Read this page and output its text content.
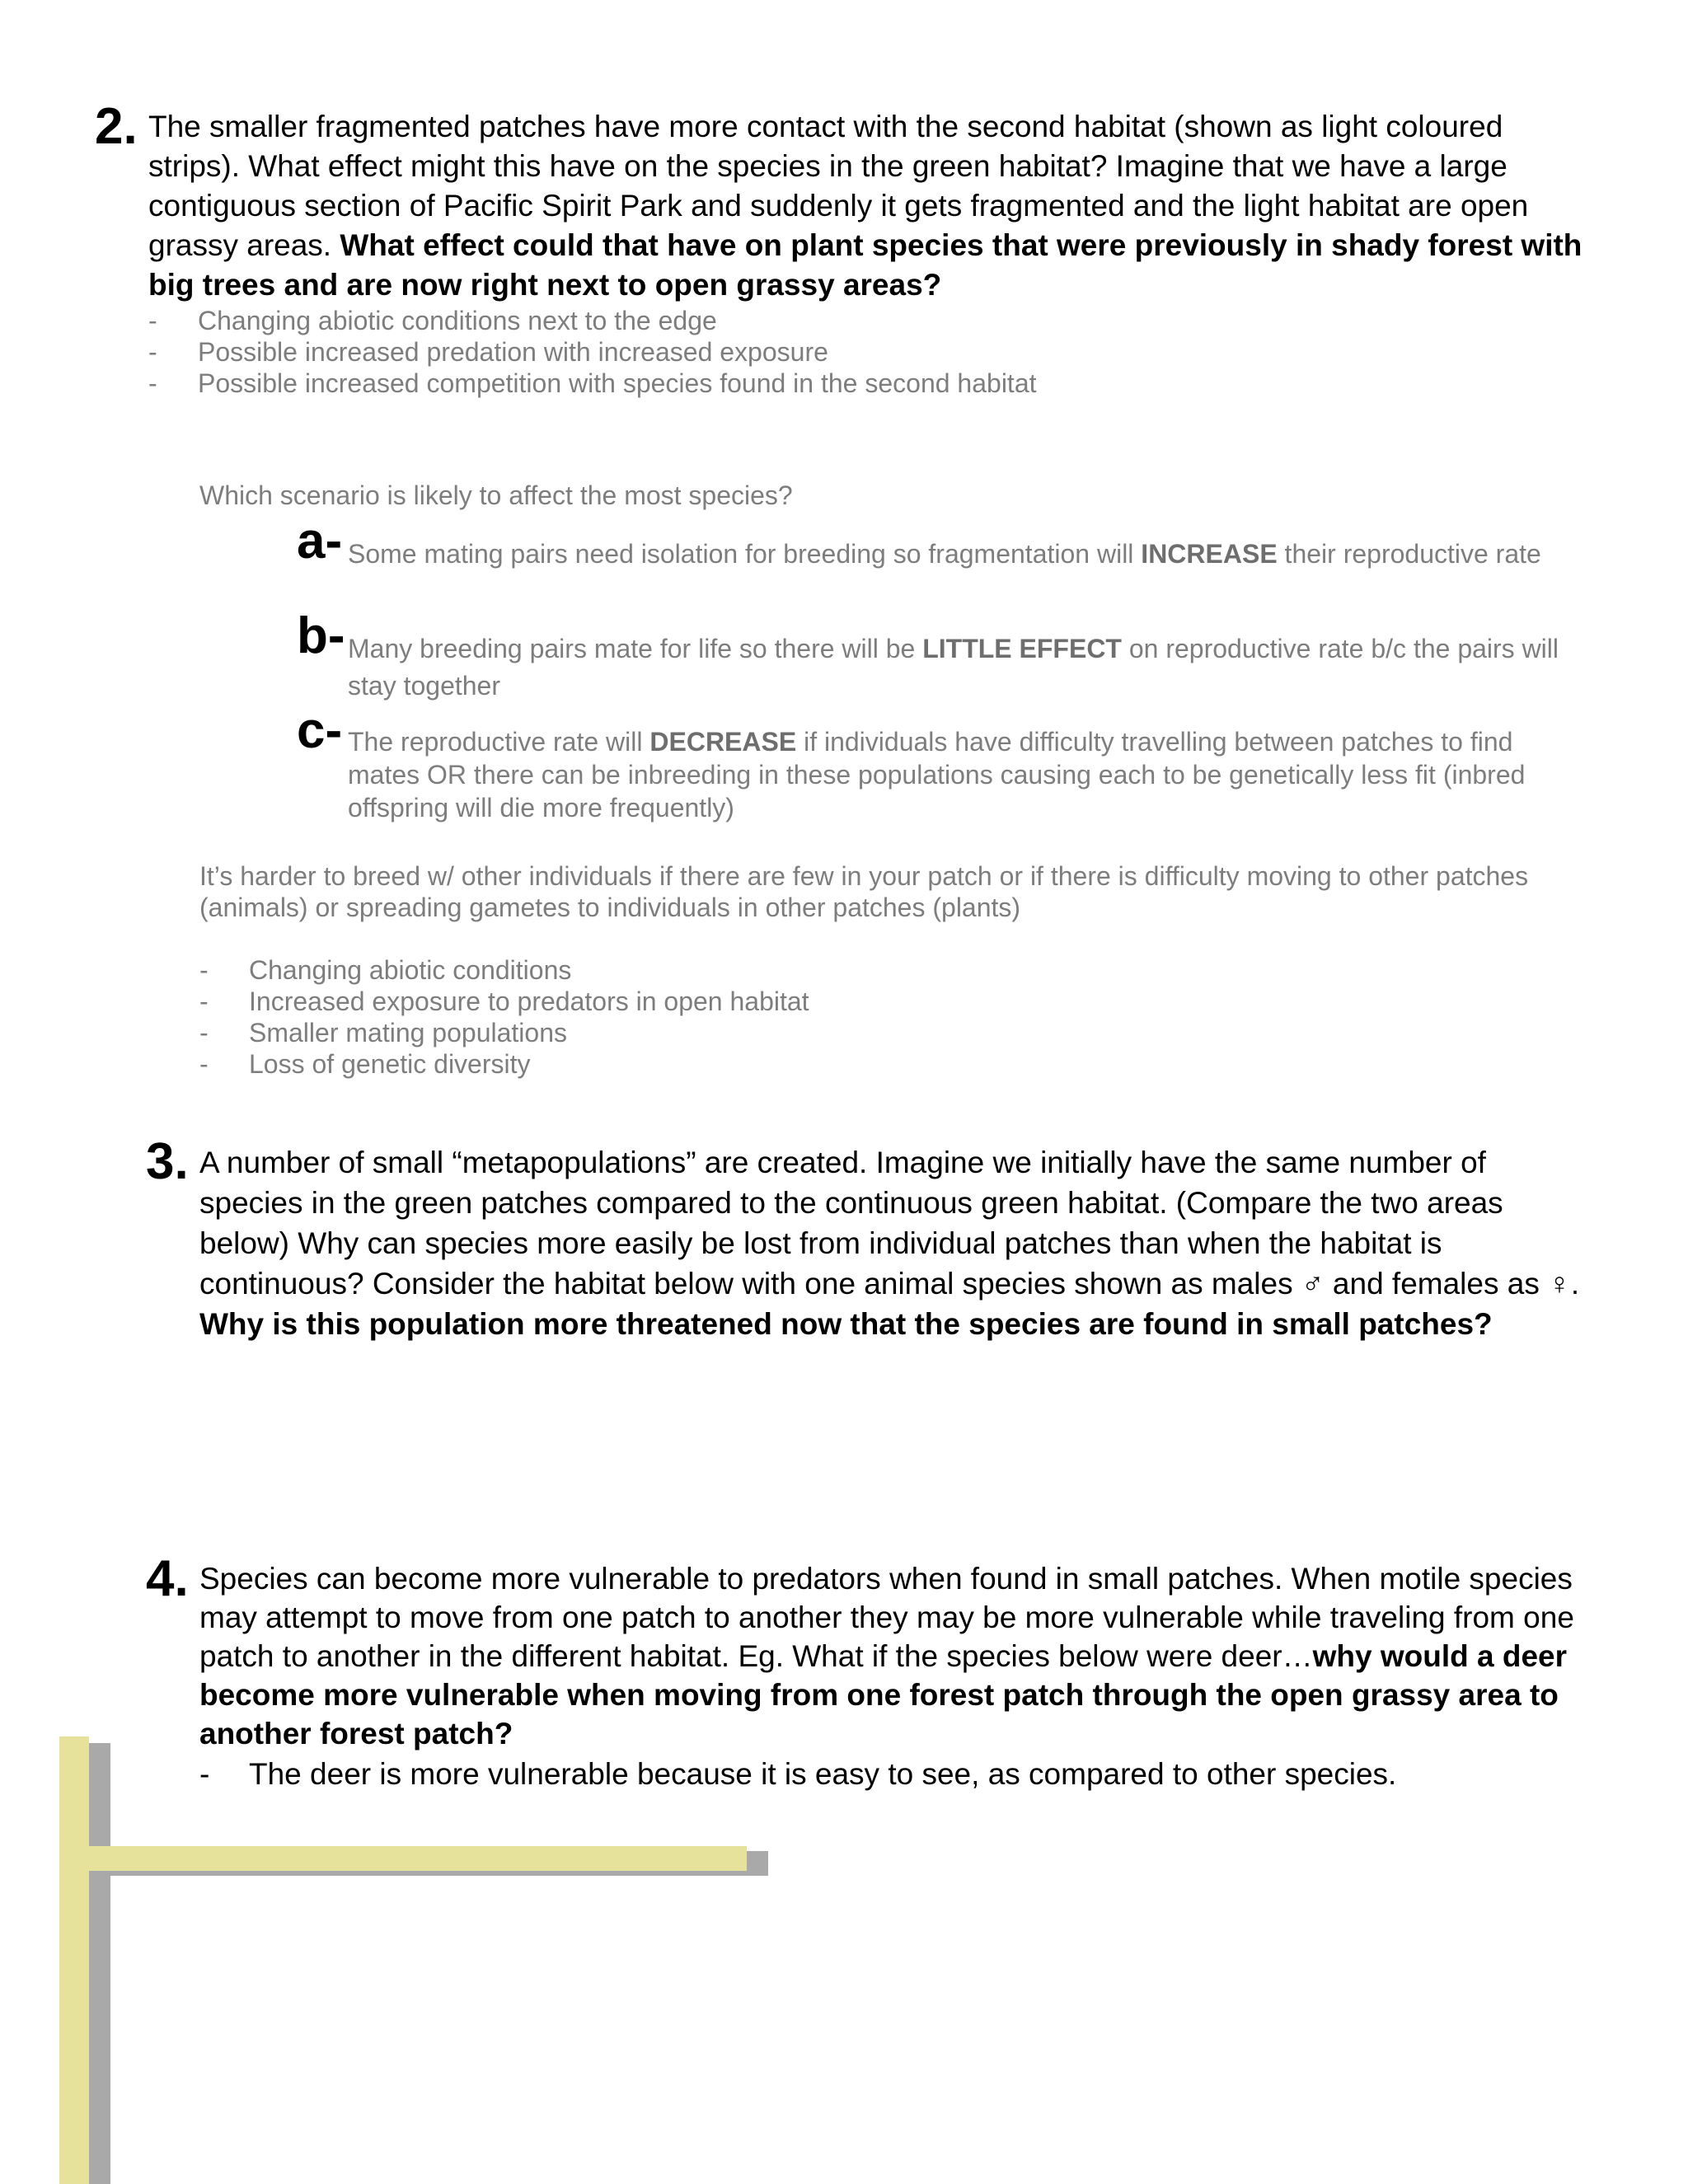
2. The smaller fragmented patches have more contact with the second habitat (shown as light coloured strips). What effect might this have on the species in the green habitat? Imagine that we have a large contiguous section of Pacific Spirit Park and suddenly it gets fragmented and the light habitat are open grassy areas. What effect could that have on plant species that were previously in shady forest with big trees and are now right next to open grassy areas?

- Changing abiotic conditions next to the edge
- Possible increased predation with increased exposure
- Possible increased competition with species found in the second habitat

Which scenario is likely to affect the most species?

a- Some mating pairs need isolation for breeding so fragmentation will INCREASE their reproductive rate

b- Many breeding pairs mate for life so there will be LITTLE EFFECT on reproductive rate b/c the pairs will stay together

c- The reproductive rate will DECREASE if individuals have difficulty travelling between patches to find mates OR there can be inbreeding in these populations causing each to be genetically less fit (inbred offspring will die more frequently)

It’s harder to breed w/ other individuals if there are few in your patch or if there is difficulty moving to other patches (animals) or spreading gametes to individuals in other patches (plants)

- Changing abiotic conditions
- Increased exposure to predators in open habitat
- Smaller mating populations
- Loss of genetic diversity
3. A number of small “metapopulations” are created. Imagine we initially have the same number of species in the green patches compared to the continuous green habitat. (Compare the two areas below) Why can species more easily be lost from individual patches than when the habitat is continuous? Consider the habitat below with one animal species shown as males ♂ and females as ♀. Why is this population more threatened now that the species are found in small patches?

4. Species can become more vulnerable to predators when found in small patches. When motile species may attempt to move from one patch to another they may be more vulnerable while traveling from one patch to another in the different habitat. Eg. What if the species below were deer…why would a deer become more vulnerable when moving from one forest patch through the open grassy area to another forest patch?

- The deer is more vulnerable because it is easy to see, as compared to other species.
